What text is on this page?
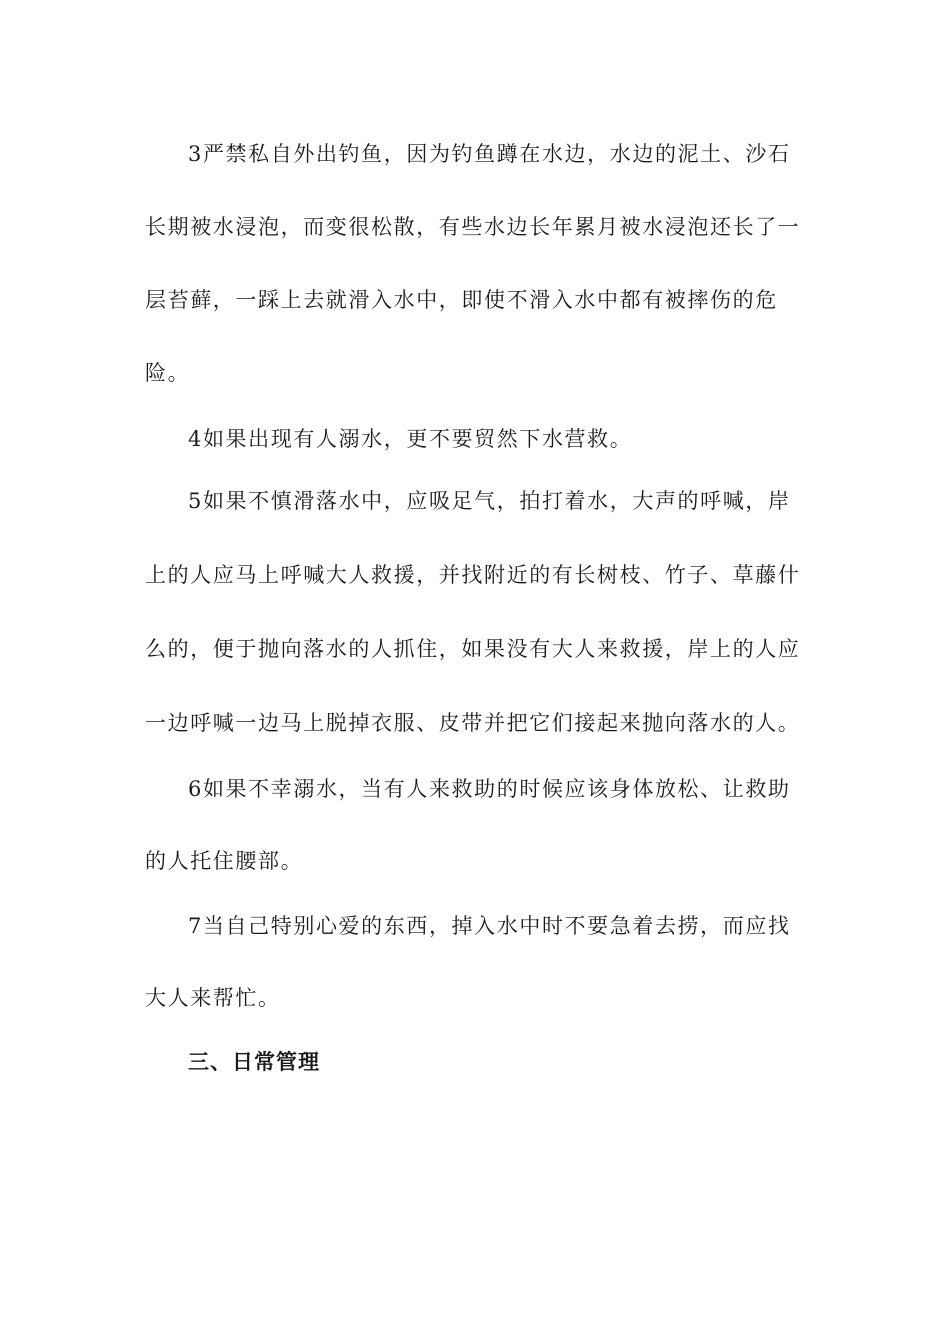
3严禁私自外出钓鱼，因为钓鱼蹲在水边，水边的泥土、沙石
长期被水浸泡，而变很松散，有些水边长年累月被水浸泡还长了一
层苔藓，一踩上去就滑入水中，即使不滑入水中都有被摔伤的危
险。
4如果出现有人溺水，更不要贸然下水营救。
5如果不慎滑落水中，应吸足气，拍打着水，大声的呼喊，岸
上的人应马上呼喊大人救援，并找附近的有长树枝、竹子、草藤什
么的，便于抛向落水的人抓住，如果没有大人来救援，岸上的人应
一边呼喊一边马上脱掉衣服、皮带并把它们接起来抛向落水的人。
6如果不幸溺水，当有人来救助的时候应该身体放松、让救助
的人托住腰部。
7当自己特别心爱的东西，掉入水中时不要急着去捞，而应找
大人来帮忙。
三、日常管理
